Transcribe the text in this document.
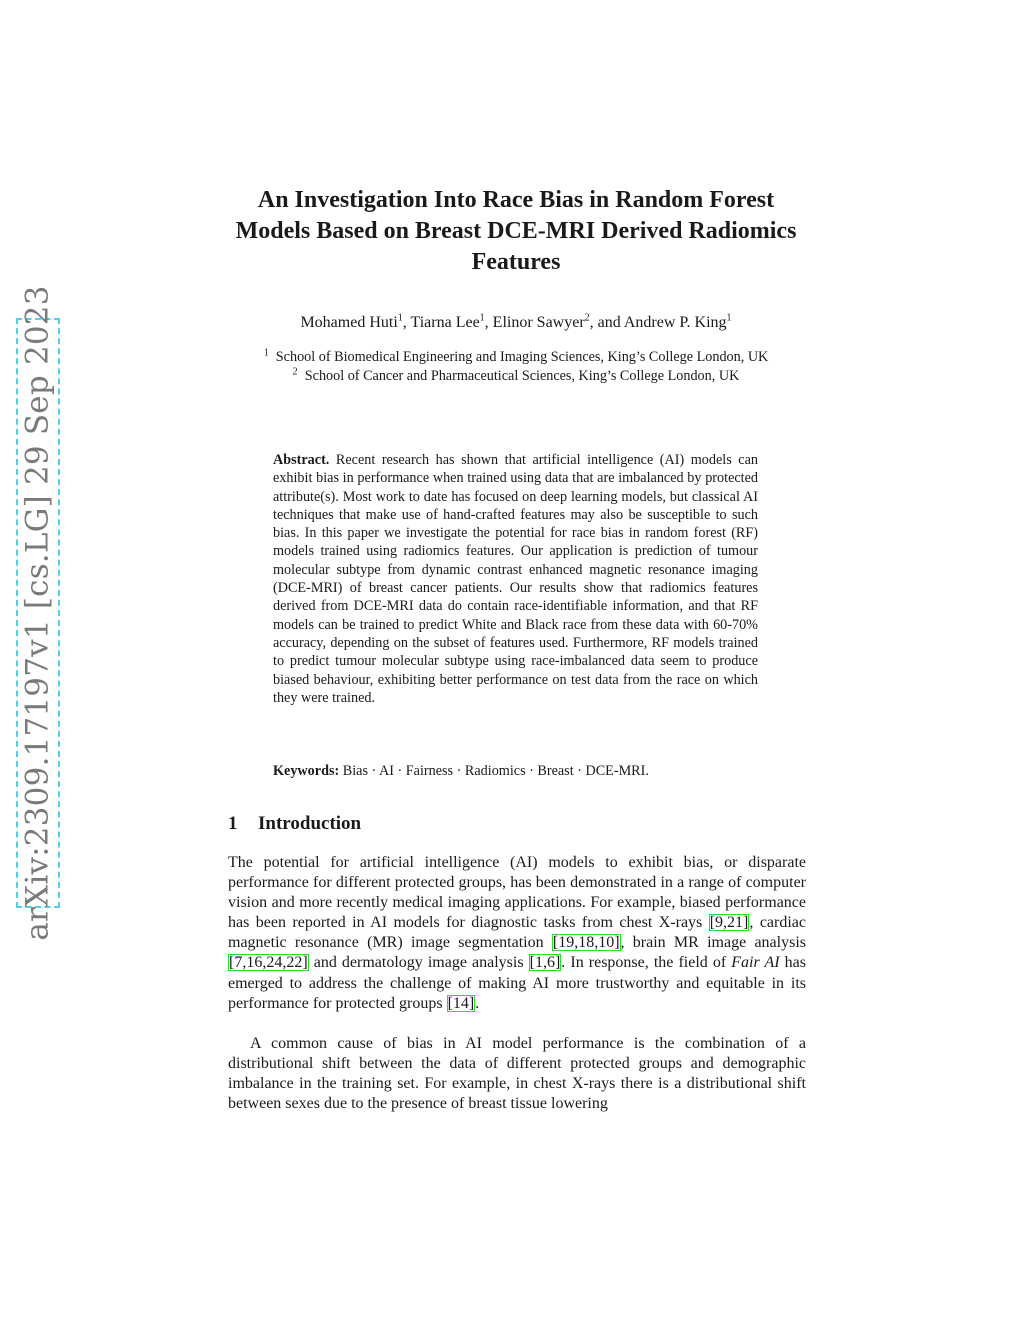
arXiv:2309.17197v1 [cs.LG] 29 Sep 2023
An Investigation Into Race Bias in Random Forest Models Based on Breast DCE-MRI Derived Radiomics Features
Mohamed Huti$^1$, Tiarna Lee$^1$, Elinor Sawyer$^2$, and Andrew P. King$^1$

$^1$ School of Biomedical Engineering and Imaging Sciences, King’s College London, UK

$^2$ School of Cancer and Pharmaceutical Sciences, King’s College London, UK

Abstract. Recent research has shown that artificial intelligence (AI) models can exhibit bias in performance when trained using data that are imbalanced by protected attribute(s). Most work to date has focused on deep learning models, but classical AI techniques that make use of hand-crafted features may also be susceptible to such bias. In this paper we investigate the potential for race bias in random forest (RF) models trained using radiomics features. Our application is prediction of tumour molecular subtype from dynamic contrast enhanced magnetic resonance imaging (DCE-MRI) of breast cancer patients. Our results show that radiomics features derived from DCE-MRI data do contain race-identifiable information, and that RF models can be trained to predict White and Black race from these data with 60-70% accuracy, depending on the subset of features used. Furthermore, RF models trained to predict tumour molecular subtype using race-imbalanced data seem to produce biased behaviour, exhibiting better performance on test data from the race on which they were trained.

Keywords: Bias · AI · Fairness · Radiomics · Breast · DCE-MRI.

1 Introduction

The potential for artificial intelligence (AI) models to exhibit bias, or disparate performance for different protected groups, has been demonstrated in a range of computer vision and more recently medical imaging applications. For example, biased performance has been reported in AI models for diagnostic tasks from chest X-rays [9,21], cardiac magnetic resonance (MR) image segmentation [19,18,10], brain MR image analysis [7,16,24,22] and dermatology image analysis [1,6]. In response, the field of Fair AI has emerged to address the challenge of making AI more trustworthy and equitable in its performance for protected groups [14].

A common cause of bias in AI model performance is the combination of a distributional shift between the data of different protected groups and demographic imbalance in the training set. For example, in chest X-rays there is a distributional shift between sexes due to the presence of breast tissue lowering
